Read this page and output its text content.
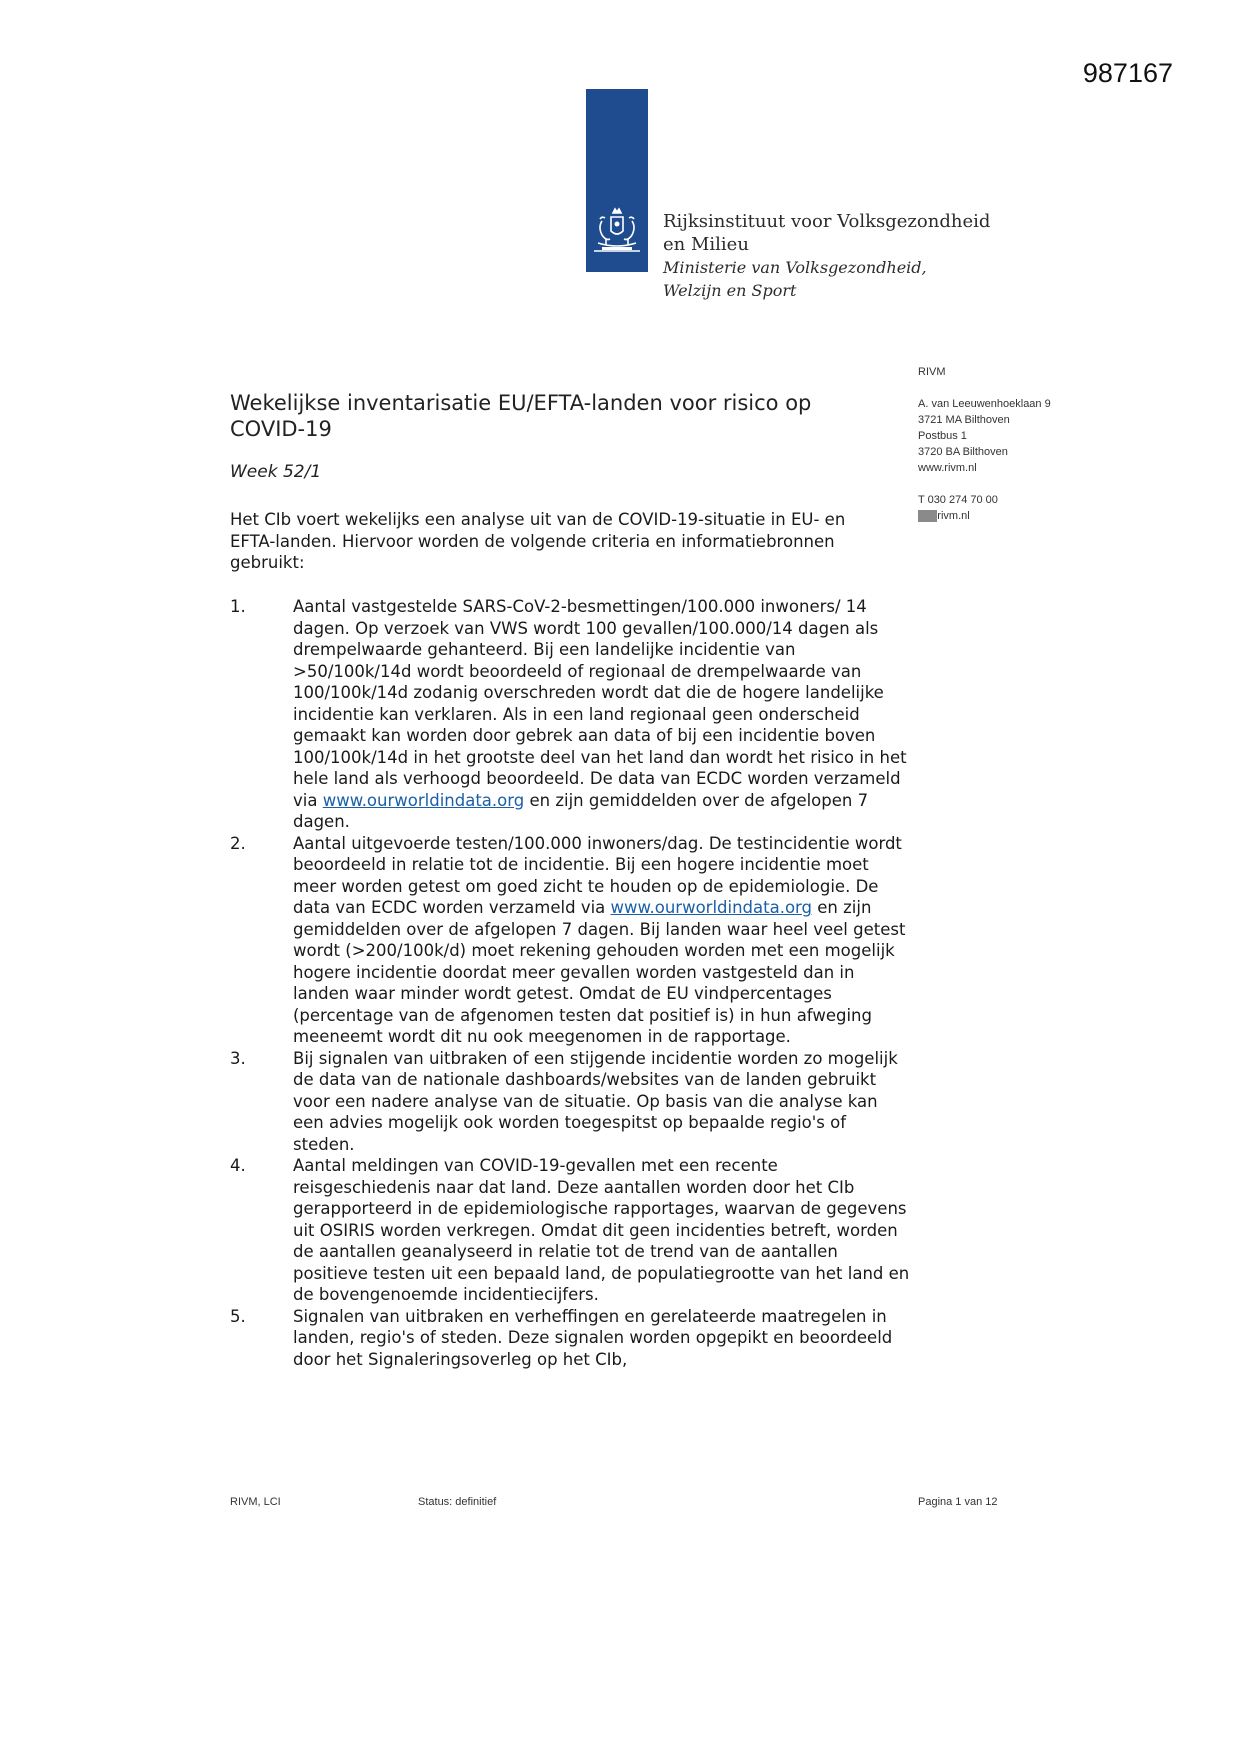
987167
Rijksinstituut voor Volksgezondheid
en Milieu
Ministerie van Volksgezondheid,
Welzijn en Sport
RIVM
A. van Leeuwenhoeklaan 9
3721 MA Bilthoven
Postbus 1
3720 BA Bilthoven
www.rivm.nl
T 030 274 70 00
1.2 rivm.nl
Wekelijkse inventarisatie EU/EFTA-landen voor risico op COVID-19
Week 52/1

Het CIb voert wekelijks een analyse uit van de COVID-19-situatie in EU- en EFTA-landen. Hiervoor worden de volgende criteria en informatiebronnen gebruikt:

1.	Aantal vastgestelde SARS-CoV-2-besmettingen/100.000 inwoners/ 14 dagen. Op verzoek van VWS wordt 100 gevallen/100.000/14 dagen als drempelwaarde gehanteerd. Bij een landelijke incidentie van >50/100k/14d wordt beoordeeld of regionaal de drempelwaarde van 100/100k/14d zodanig overschreden wordt dat die de hogere landelijke incidentie kan verklaren. Als in een land regionaal geen onderscheid gemaakt kan worden door gebrek aan data of bij een incidentie boven 100/100k/14d in het grootste deel van het land dan wordt het risico in het hele land als verhoogd beoordeeld. De data van ECDC worden verzameld via www.ourworldindata.org en zijn gemiddelden over de afgelopen 7 dagen.
2.	Aantal uitgevoerde testen/100.000 inwoners/dag. De testincidentie wordt beoordeeld in relatie tot de incidentie. Bij een hogere incidentie moet meer worden getest om goed zicht te houden op de epidemiologie. De data van ECDC worden verzameld via www.ourworldindata.org en zijn gemiddelden over de afgelopen 7 dagen. Bij landen waar heel veel getest wordt (>200/100k/d) moet rekening gehouden worden met een mogelijk hogere incidentie doordat meer gevallen worden vastgesteld dan in landen waar minder wordt getest. Omdat de EU vindpercentages (percentage van de afgenomen testen dat positief is) in hun afweging meeneemt wordt dit nu ook meegenomen in de rapportage.
3.	Bij signalen van uitbraken of een stijgende incidentie worden zo mogelijk de data van de nationale dashboards/websites van de landen gebruikt voor een nadere analyse van de situatie. Op basis van die analyse kan een advies mogelijk ook worden toegespitst op bepaalde regio's of steden.
4.	Aantal meldingen van COVID-19-gevallen met een recente reisgeschiedenis naar dat land. Deze aantallen worden door het CIb gerapporteerd in de epidemiologische rapportages, waarvan de gegevens uit OSIRIS worden verkregen. Omdat dit geen incidenties betreft, worden de aantallen geanalyseerd in relatie tot de trend van de aantallen positieve testen uit een bepaald land, de populatiegrootte van het land en de bovengenoemde incidentiecijfers.
5.	Signalen van uitbraken en verheffingen en gerelateerde maatregelen in landen, regio's of steden. Deze signalen worden opgepikt en beoordeeld door het Signaleringsoverleg op het CIb,
RIVM, LCI	Status: definitief	Pagina 1 van 12
